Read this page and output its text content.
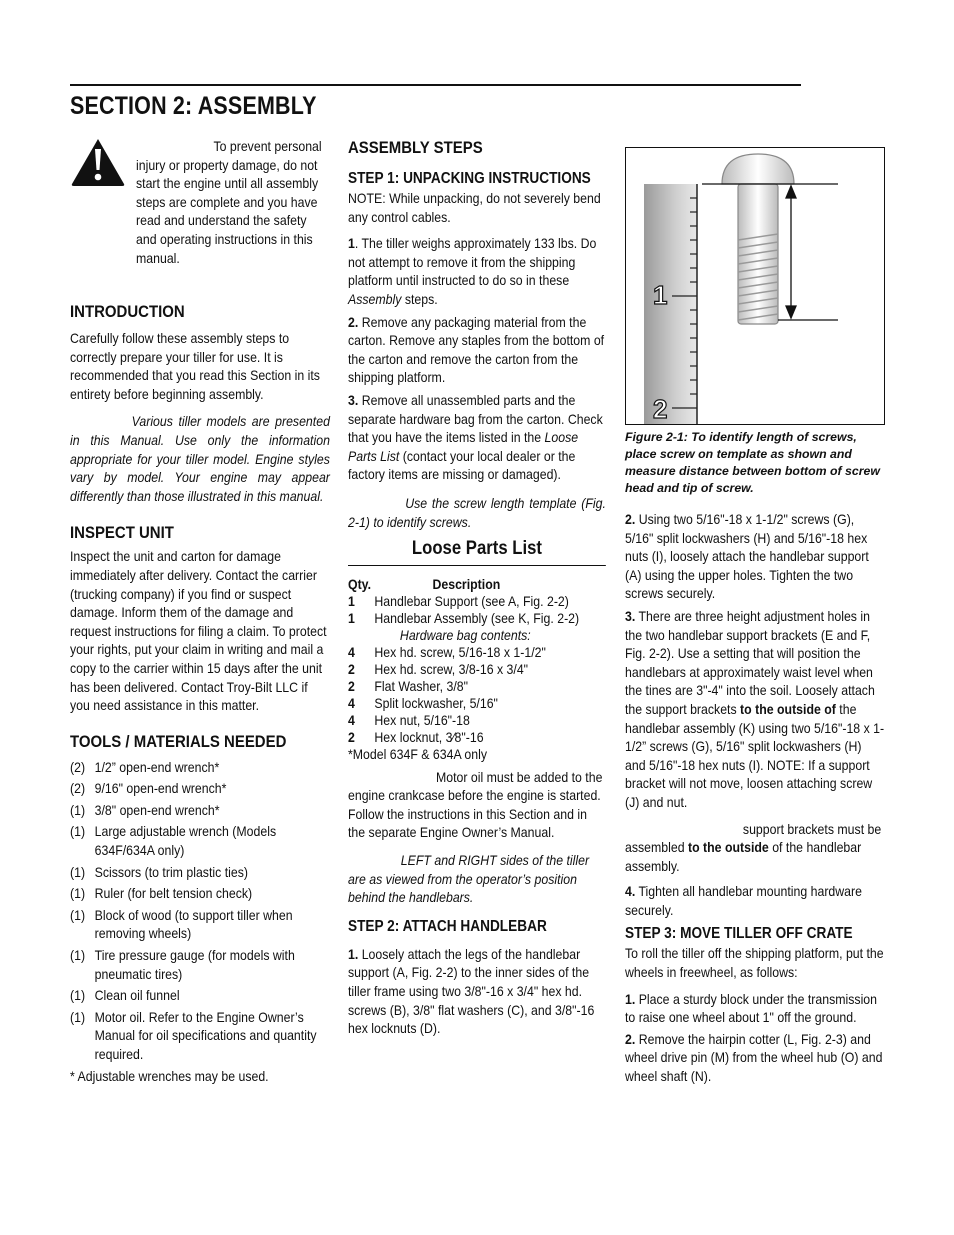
SECTION 2: ASSEMBLY
To prevent personal injury or property damage, do not start the engine until all assembly steps are complete and you have read and understand the safety and operating instructions in this manual.
INTRODUCTION

Carefully follow these assembly steps to correctly prepare your tiller for use. It is recommended that you read this Section in its entirety before beginning assembly.

Various tiller models are presented in this Manual. Use only the information appropriate for your tiller model. Engine styles vary by model. Your engine may appear differently than those illustrated in this manual.

INSPECT UNIT

Inspect the unit and carton for damage immediately after delivery. Contact the carrier (trucking company) if you find or suspect damage. Inform them of the damage and request instructions for filing a claim. To protect your rights, put your claim in writing and mail a copy to the carrier within 15 days after the unit has been delivered. Contact Troy-Bilt LLC if you need assistance in this matter.

TOOLS / MATERIALS NEEDED
(2) 1/2” open-end wrench*
(2) 9/16" open-end wrench*
(1) 3/8" open-end wrench*
(1) Large adjustable wrench (Models 634F/634A only)
(1) Scissors (to trim plastic ties)
(1) Ruler (for belt tension check)
(1) Block of wood (to support tiller when removing wheels)
(1) Tire pressure gauge (for models with pneumatic tires)
(1) Clean oil funnel
(1) Motor oil. Refer to the Engine Owner’s Manual for oil specifications and quantity required.

* Adjustable wrenches may be used.

ASSEMBLY STEPS
STEP 1: UNPACKING INSTRUCTIONS

NOTE: While unpacking, do not severely bend any control cables.

1. The tiller weighs approximately 133 lbs. Do not attempt to remove it from the shipping platform until instructed to do so in these Assembly steps.

2. Remove any packaging material from the carton. Remove any staples from the bottom of the carton and remove the carton from the shipping platform.

3. Remove all unassembled parts and the separate hardware bag from the carton. Check that you have the items listed in the Loose Parts List (contact your local dealer or the factory items are missing or damaged).

Use the screw length template (Fig. 2-1) to identify screws.

Loose Parts List

Qty.	Description
1	Handlebar Support (see A, Fig. 2-2)
1	Handlebar Assembly (see K, Fig. 2-2)
	Hardware bag contents:
4	Hex hd. screw, 5/16-18 x 1-1/2"
2	Hex hd. screw, 3/8-16 x 3/4"
2	Flat Washer, 3/8"
4	Split lockwasher, 5/16"
4	Hex nut, 5/16"-18
2	Hex locknut, 3⁄8"-16

*Model 634F & 634A only

Motor oil must be added to the engine crankcase before the engine is started. Follow the instructions in this Section and in the separate Engine Owner’s Manual.

LEFT and RIGHT sides of the tiller are as viewed from the operator’s position behind the handlebars.

STEP 2: ATTACH HANDLEBAR

1. Loosely attach the legs of the handlebar support (A, Fig. 2-2) to the inner sides of the tiller frame using two 3/8"-16 x 3/4" hex hd. screws (B), 3/8" flat washers (C), and 3/8"-16 hex locknuts (D).

1
2
Figure 2-1: To identify length of screws, place screw on template as shown and measure distance between bottom of screw head and tip of screw.

2. Using two 5/16"-18 x 1-1/2" screws (G), 5/16" split lockwashers (H) and 5/16"-18 hex nuts (I), loosely attach the handlebar support (A) using the upper holes. Tighten the two screws securely.

3. There are three height adjustment holes in the two handlebar support brackets (E and F, Fig. 2-2). Use a setting that will position the handlebars at approximately waist level when the tines are 3"-4" into the soil. Loosely attach the support brackets to the outside of the handlebar assembly (K) using two 5/16"-18 x 1-1/2” screws (G), 5/16" split lockwashers (H) and 5/16"-18 hex nuts (I). NOTE: If a support bracket will not move, loosen attaching screw (J) and nut.

support brackets must be assembled to the outside of the handlebar assembly.

4. Tighten all handlebar mounting hardware securely.

STEP 3: MOVE TILLER OFF CRATE

To roll the tiller off the shipping platform, put the wheels in freewheel, as follows:

1. Place a sturdy block under the transmission to raise one wheel about 1" off the ground.

2. Remove the hairpin cotter (L, Fig. 2-3) and wheel drive pin (M) from the wheel hub (O) and wheel shaft (N).
